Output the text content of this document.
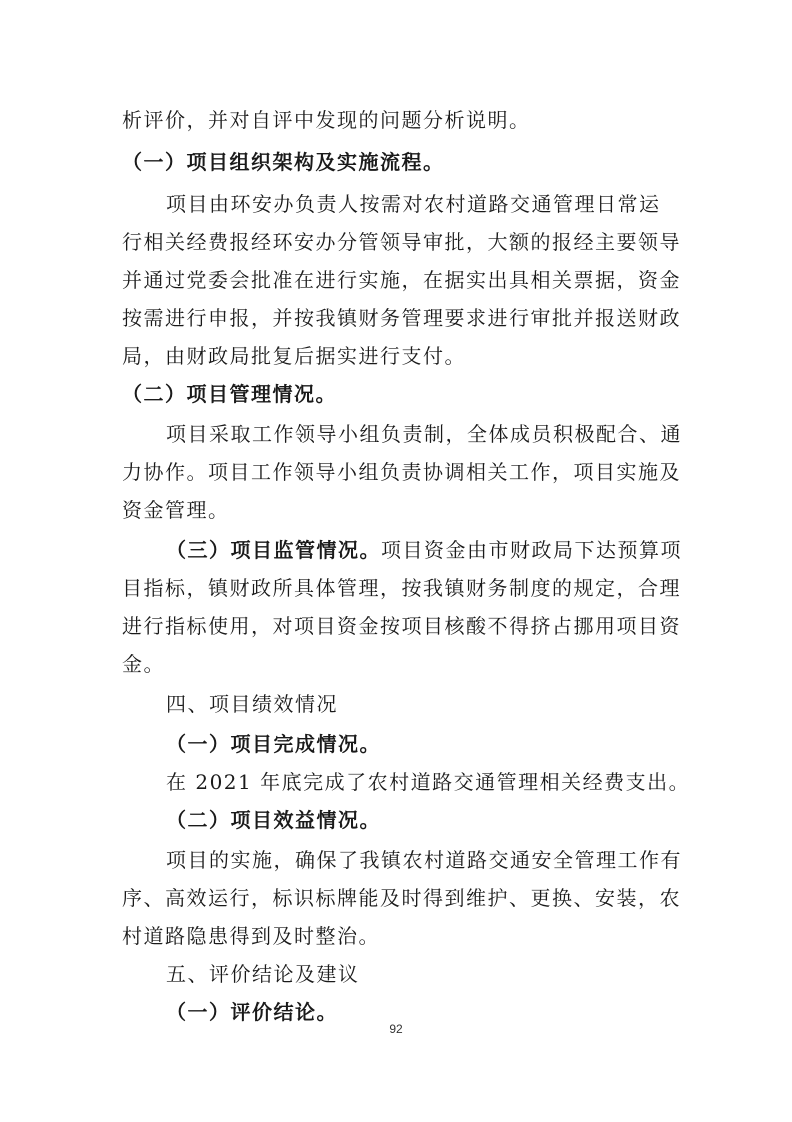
析评价，并对自评中发现的问题分析说明。
（一）项目组织架构及实施流程。
项目由环安办负责人按需对农村道路交通管理日常运
行相关经费报经环安办分管领导审批，大额的报经主要领导
并通过党委会批准在进行实施，在据实出具相关票据，资金
按需进行申报，并按我镇财务管理要求进行审批并报送财政
局，由财政局批复后据实进行支付。
（二）项目管理情况。
项目采取工作领导小组负责制，全体成员积极配合、通
力协作。项目工作领导小组负责协调相关工作，项目实施及
资金管理。
（三）项目监管情况。项目资金由市财政局下达预算项
目指标，镇财政所具体管理，按我镇财务制度的规定，合理
进行指标使用，对项目资金按项目核酸不得挤占挪用项目资
金。
四、项目绩效情况
（一）项目完成情况。
在 2021 年底完成了农村道路交通管理相关经费支出。
（二）项目效益情况。
项目的实施，确保了我镇农村道路交通安全管理工作有
序、高效运行，标识标牌能及时得到维护、更换、安装，农
村道路隐患得到及时整治。
五、评价结论及建议
（一）评价结论。
92
